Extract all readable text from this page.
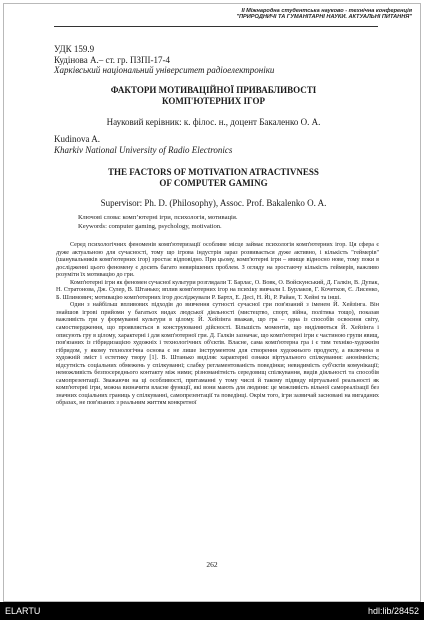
II Міжнародна студентська науково - технічна конференція
"ПРИРОДНИЧІ ТА ГУМАНІТАРНІ НАУКИ. АКТУАЛЬНІ ПИТАННЯ"
УДК 159.9
Кудінова А.– ст. гр. ПЗПІ-17-4
Харківський національний університет радіоелектроніки
ФАКТОРИ МОТИВАЦІЙНОЇ ПРИВАБЛИВОСТІ
КОМП'ЮТЕРНИХ ІГОР
Науковий керівник: к. філос. н., доцент Бакаленко О. А.
Kudinova A.
Kharkiv National University of Radio Electronics
THE FACTORS OF MOTIVATION ATRACTIVNESS
OF COMPUTER GAMING
Supervisor: Ph. D. (Philosophy), Assoc. Prof. Bakalenko O. A.
Ключові слова: комп’ютерні ігри, психологія, мотивація.
Keywords: computer gaming, psychology, motivation.

Серед психологічних феноменів комп'ютеризації особливе місце займає психологія комп'ютерних ігор. Ця сфера є дуже актуальною для сучасності, тому що ігрова індустрія зараз розвивається дуже активно, і кількість "геймерів" (шанувальників комп'ютерних ігор) зростає відповідно. При цьому, комп'ютерні ігри – явище відносно нове, тому поки в дослідженні цього феномену є досить багато невирішених проблем. З огляду на зростаючу кількість геймерів, важливо розуміти їх мотивацію до гри.

Комп'ютерні ігри як феномен сучасної культури розглядали Т. Барлас, О. Вовк, О. Войскунський, Д. Галкін, В. Дупак, Н. Стратонова, Дж. Сулер, В. Штанько; вплив комп'ютерних ігор на психіку вивчали І. Бурлаков, Г. Кочетков, Є. Лисенко, Б. Шлимович; мотивацію комп'ютерних ігор досліджували Р. Бартл, Е. Десі, Н. Йі, Р. Райан, Т. Хейні та інші.

Один з найбільш впливових підходів до вивчення сутності сучасної гри пов'язаний з іменем Й. Хейзінга. Він знайшов ігрові прийоми у багатьох видах людської діяльності (мистецтво, спорт, війна, політика тощо), показав важливість гри у формуванні культури в цілому. Й. Хейзінга вважав, що гра – одна із способів освоєння світу, самоствердження, що проявляється в конструюванні дійсності. Більшість моментів, що виділяються Й. Хейзінга і описують гру в цілому, характерні і для комп'ютерної гри. Д. Галкін зазначає, що комп'ютерні ігри є частиною групи явищ, пов'язаних із гібридизацією художніх і технологічних об'єктів. Власне, сама комп'ютерна гра і є тим техніко-художнім гібридом, у якому технологічна основа є не лише інструментом для створення художнього продукту, а включена в художній зміст і естетику твору [1]. В. Штанько виділяє характерні ознаки віртуального спілкування: анонімність; відсутність соціальних обмежень у спілкуванні; слабку регламентованість поведінки; невидимість суб'єктів комунікації; неможливість безпосереднього контакту між ними; різноманітність середовищ спілкування, видів діяльності та способів самопрезентації. Зважаючи на ці особливості, притаманні у тому числі й такому підвиду віртуальної реальності як комп'ютерні ігри, можна визначити власне функції, які вони мають для людини: це можливість вільної самореалізації без значних соціальних границь у спілкуванні, самопрезентації та поведінці. Окрім того, ігри зазвичай засновані на вигаданих образах, не пов'язаних з реальним життям конкретної

262
ELARTU	hdl:lib/28452
